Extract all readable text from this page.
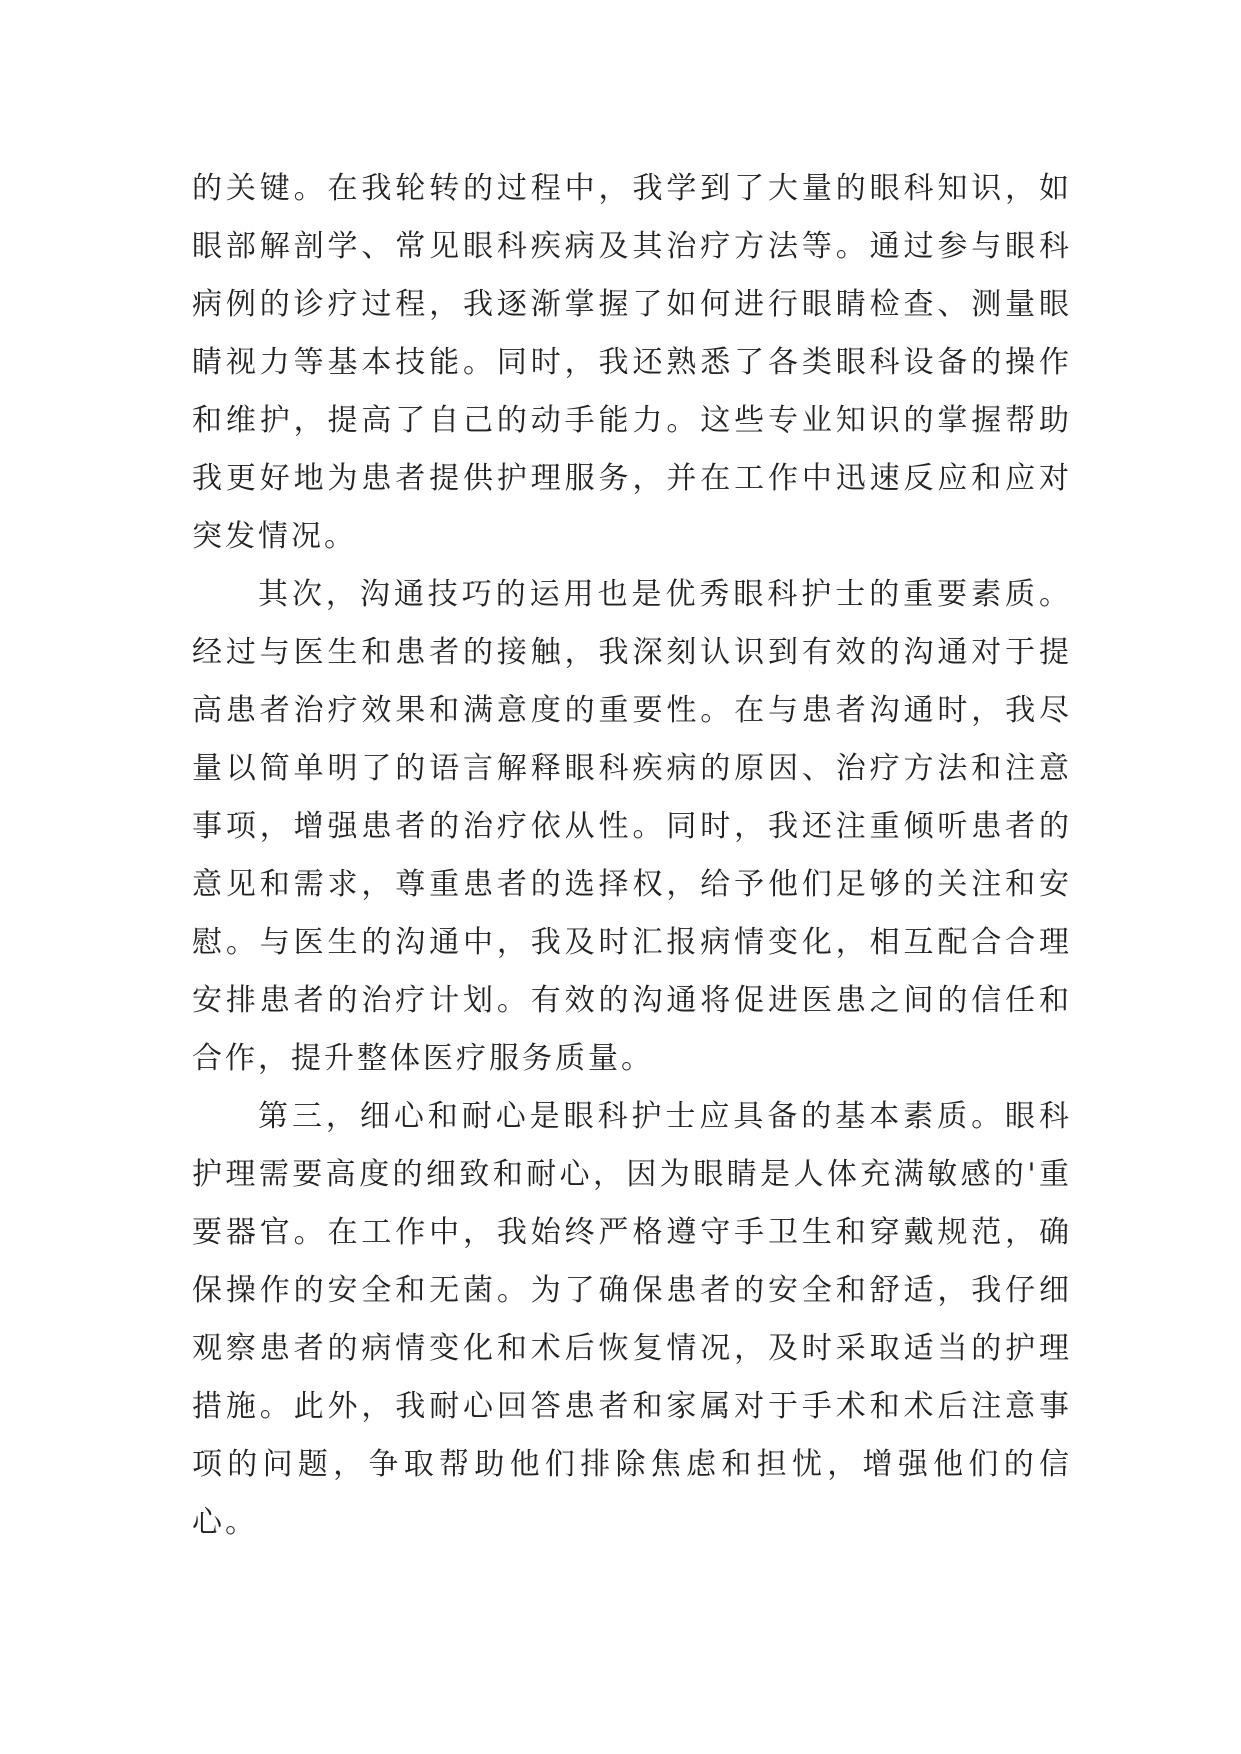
的关键。在我轮转的过程中，我学到了大量的眼科知识，如眼部解剖学、常见眼科疾病及其治疗方法等。通过参与眼科病例的诊疗过程，我逐渐掌握了如何进行眼睛检查、测量眼睛视力等基本技能。同时，我还熟悉了各类眼科设备的操作和维护，提高了自己的动手能力。这些专业知识的掌握帮助我更好地为患者提供护理服务，并在工作中迅速反应和应对突发情况。

其次，沟通技巧的运用也是优秀眼科护士的重要素质。经过与医生和患者的接触，我深刻认识到有效的沟通对于提高患者治疗效果和满意度的重要性。在与患者沟通时，我尽量以简单明了的语言解释眼科疾病的原因、治疗方法和注意事项，增强患者的治疗依从性。同时，我还注重倾听患者的意见和需求，尊重患者的选择权，给予他们足够的关注和安慰。与医生的沟通中，我及时汇报病情变化，相互配合合理安排患者的治疗计划。有效的沟通将促进医患之间的信任和合作，提升整体医疗服务质量。

第三，细心和耐心是眼科护士应具备的基本素质。眼科护理需要高度的细致和耐心，因为眼睛是人体充满敏感的'重要器官。在工作中，我始终严格遵守手卫生和穿戴规范，确保操作的安全和无菌。为了确保患者的安全和舒适，我仔细观察患者的病情变化和术后恢复情况，及时采取适当的护理措施。此外，我耐心回答患者和家属对于手术和术后注意事项的问题，争取帮助他们排除焦虑和担忧，增强他们的信心。
